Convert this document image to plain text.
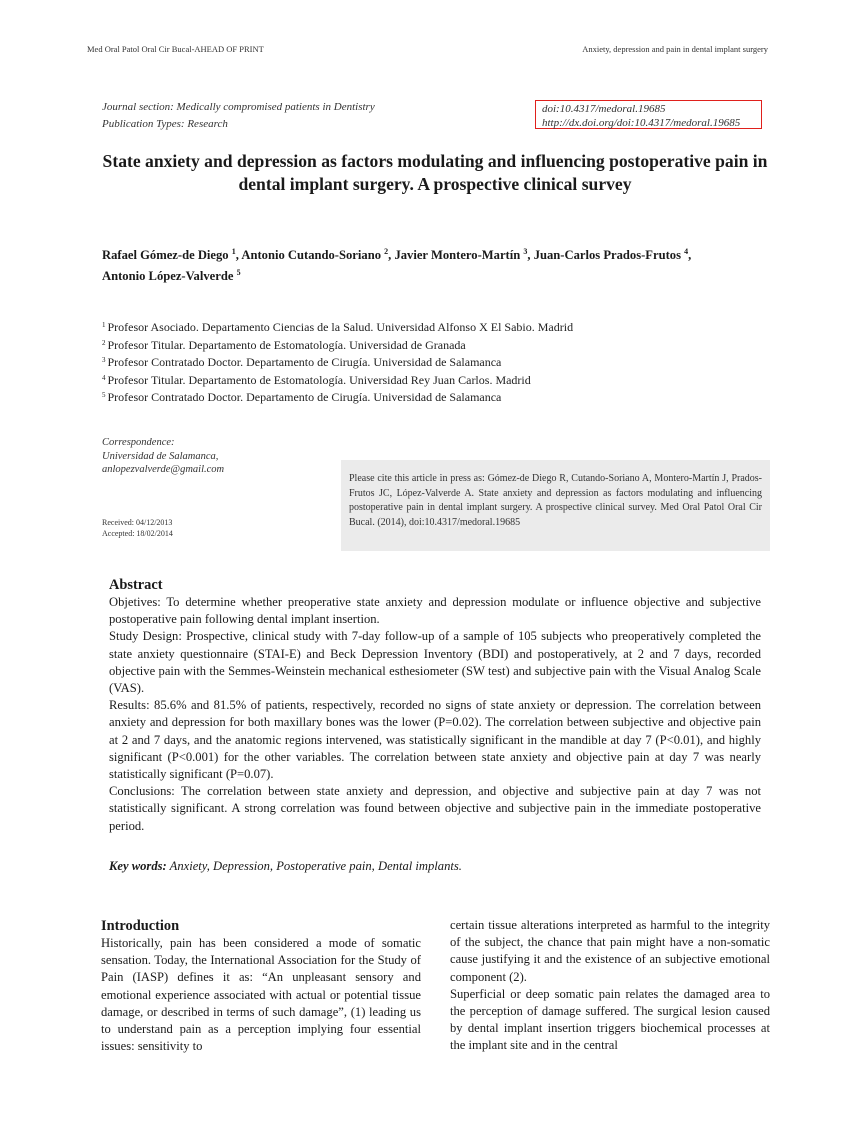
Med Oral Patol Oral Cir Bucal-AHEAD OF PRINT	Anxiety, depression and pain in dental implant surgery
Journal section: Medically compromised patients in Dentistry
Publication Types: Research
doi:10.4317/medoral.19685
http://dx.doi.org/doi:10.4317/medoral.19685
State anxiety and depression as factors modulating and influencing postoperative pain in dental implant surgery. A prospective clinical survey
Rafael Gómez-de Diego $^1$, Antonio Cutando-Soriano $^2$, Javier Montero-Martín $^3$, Juan-Carlos Prados-Frutos $^4$,
Antonio López-Valverde $^5$
$^1$ Profesor Asociado. Departamento Ciencias de la Salud. Universidad Alfonso X El Sabio. Madrid
$^2$ Profesor Titular. Departamento de Estomatología. Universidad de Granada
$^3$ Profesor Contratado Doctor. Departamento de Cirugía. Universidad de Salamanca
$^4$ Profesor Titular. Departamento de Estomatología. Universidad Rey Juan Carlos. Madrid
$^5$ Profesor Contratado Doctor. Departamento de Cirugía. Universidad de Salamanca
Correspondence:
Universidad de Salamanca,
anlopezvalverde@gmail.com
Received: 04/12/2013
Accepted: 18/02/2014
Please cite this article in press as: Gómez-de Diego R, Cutando-Soriano A, Montero-Martín J, Prados-Frutos JC, López-Valverde A. State anxiety and depression as factors modulating and influencing postoperative pain in dental implant surgery. A prospective clinical survey. Med Oral Patol Oral Cir Bucal. (2014), doi:10.4317/medoral.19685
Abstract

Objetives: To determine whether preoperative state anxiety and depression modulate or influence objective and subjective postoperative pain following dental implant insertion.

Study Design: Prospective, clinical study with 7-day follow-up of a sample of 105 subjects who preoperatively completed the state anxiety questionnaire (STAI-E) and Beck Depression Inventory (BDI) and postoperatively, at 2 and 7 days, recorded objective pain with the Semmes-Weinstein mechanical esthesiometer (SW test) and subjective pain with the Visual Analog Scale (VAS).

Results: 85.6% and 81.5% of patients, respectively, recorded no signs of state anxiety or depression. The correlation between anxiety and depression for both maxillary bones was the lower (P=0.02). The correlation between subjective and objective pain at 2 and 7 days, and the anatomic regions intervened, was statistically significant in the mandible at day 7 (P<0.01), and highly significant (P<0.001) for the other variables. The correlation between state anxiety and objective pain at day 7 was nearly statistically significant (P=0.07).

Conclusions: The correlation between state anxiety and depression, and objective and subjective pain at day 7 was not statistically significant. A strong correlation was found between objective and subjective pain in the immediate postoperative period.

Key words: Anxiety, Depression, Postoperative pain, Dental implants.
Introduction

Historically, pain has been considered a mode of somatic sensation. Today, the International Association for the Study of Pain (IASP) defines it as: “An unpleasant sensory and emotional experience associated with actual or potential tissue damage, or described in terms of such damage”, (1) leading us to understand pain as a perception implying four essential issues: sensitivity to

certain tissue alterations interpreted as harmful to the integrity of the subject, the chance that pain might have a non-somatic cause justifying it and the existence of an subjective emotional component (2).

Superficial or deep somatic pain relates the damaged area to the perception of damage suffered. The surgical lesion caused by dental implant insertion triggers biochemical processes at the implant site and in the central
